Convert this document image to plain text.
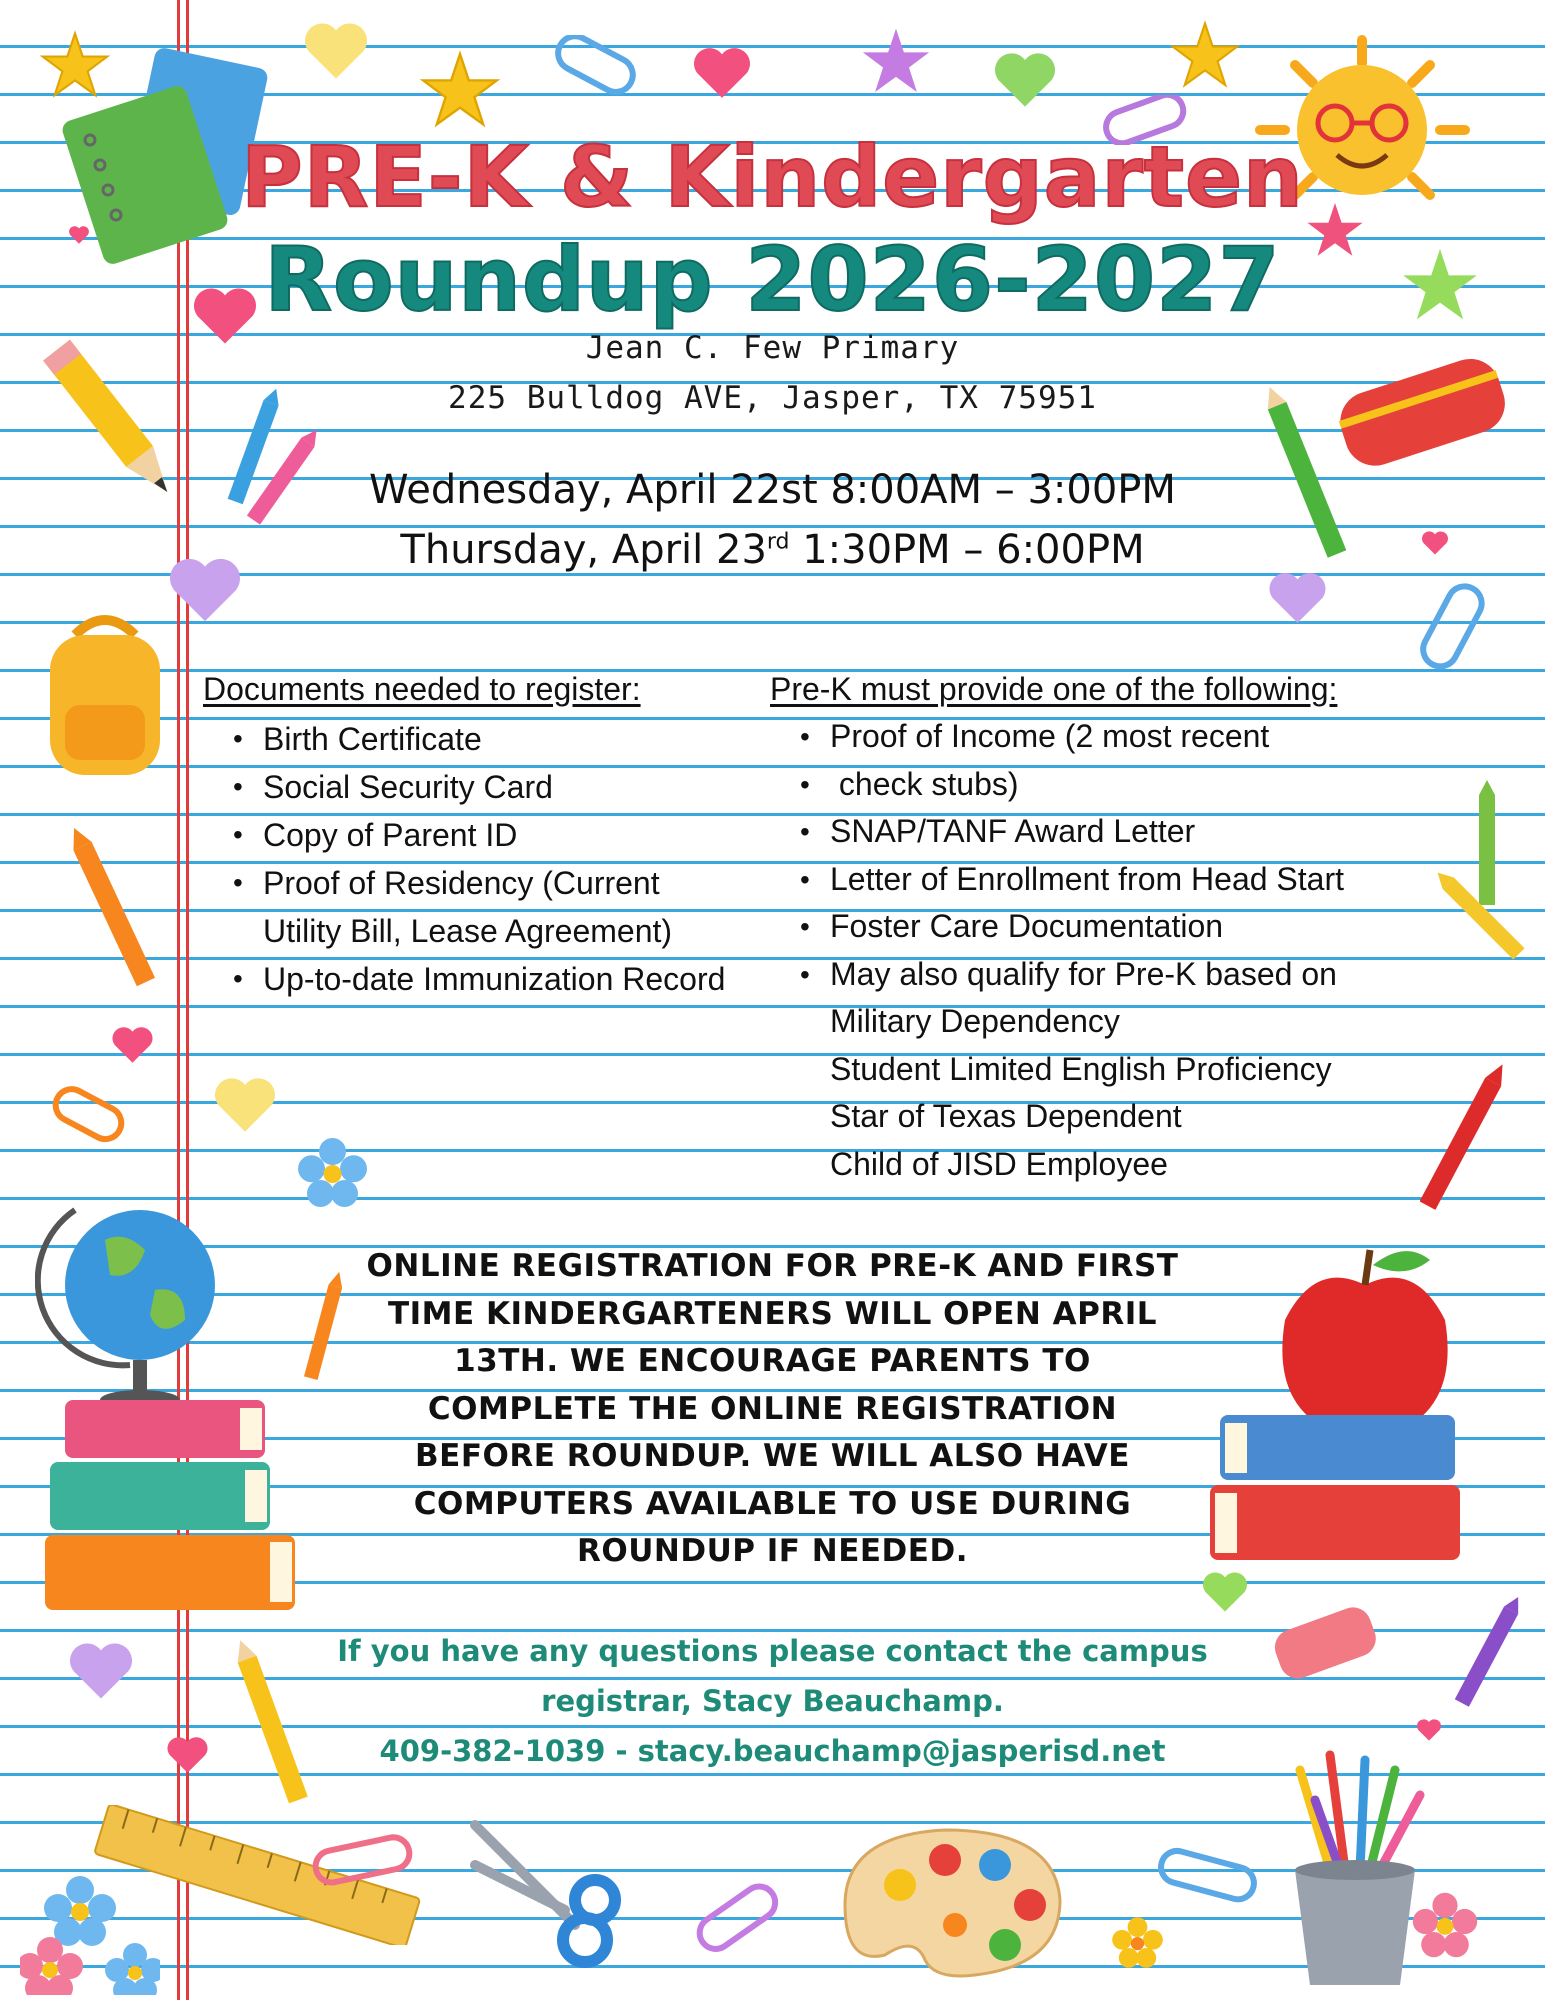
PRE-K & Kindergarten
Roundup 2026-2027
Jean C. Few Primary
225 Bulldog AVE, Jasper, TX 75951
Wednesday, April 22st 8:00AM – 3:00PM
Thursday, April 23rd 1:30PM – 6:00PM
Documents needed to register:
• Birth Certificate
• Social Security Card
• Copy of Parent ID
• Proof of Residency (Current
Utility Bill, Lease Agreement)
• Up-to-date Immunization Record
Pre-K must provide one of the following:
• Proof of Income (2 most recent
•  check stubs)
• SNAP/TANF Award Letter
• Letter of Enrollment from Head Start
• Foster Care Documentation
• May also qualify for Pre-K based on
Military Dependency
Student Limited English Proficiency
Star of Texas Dependent
Child of JISD Employee
ONLINE REGISTRATION FOR PRE-K AND FIRST TIME KINDERGARTENERS WILL OPEN APRIL 13TH. WE ENCOURAGE PARENTS TO COMPLETE THE ONLINE REGISTRATION BEFORE ROUNDUP. WE WILL ALSO HAVE COMPUTERS AVAILABLE TO USE DURING ROUNDUP IF NEEDED.
If you have any questions please contact the campus
registrar, Stacy Beauchamp.
409-382-1039 - stacy.beauchamp@jasperisd.net
